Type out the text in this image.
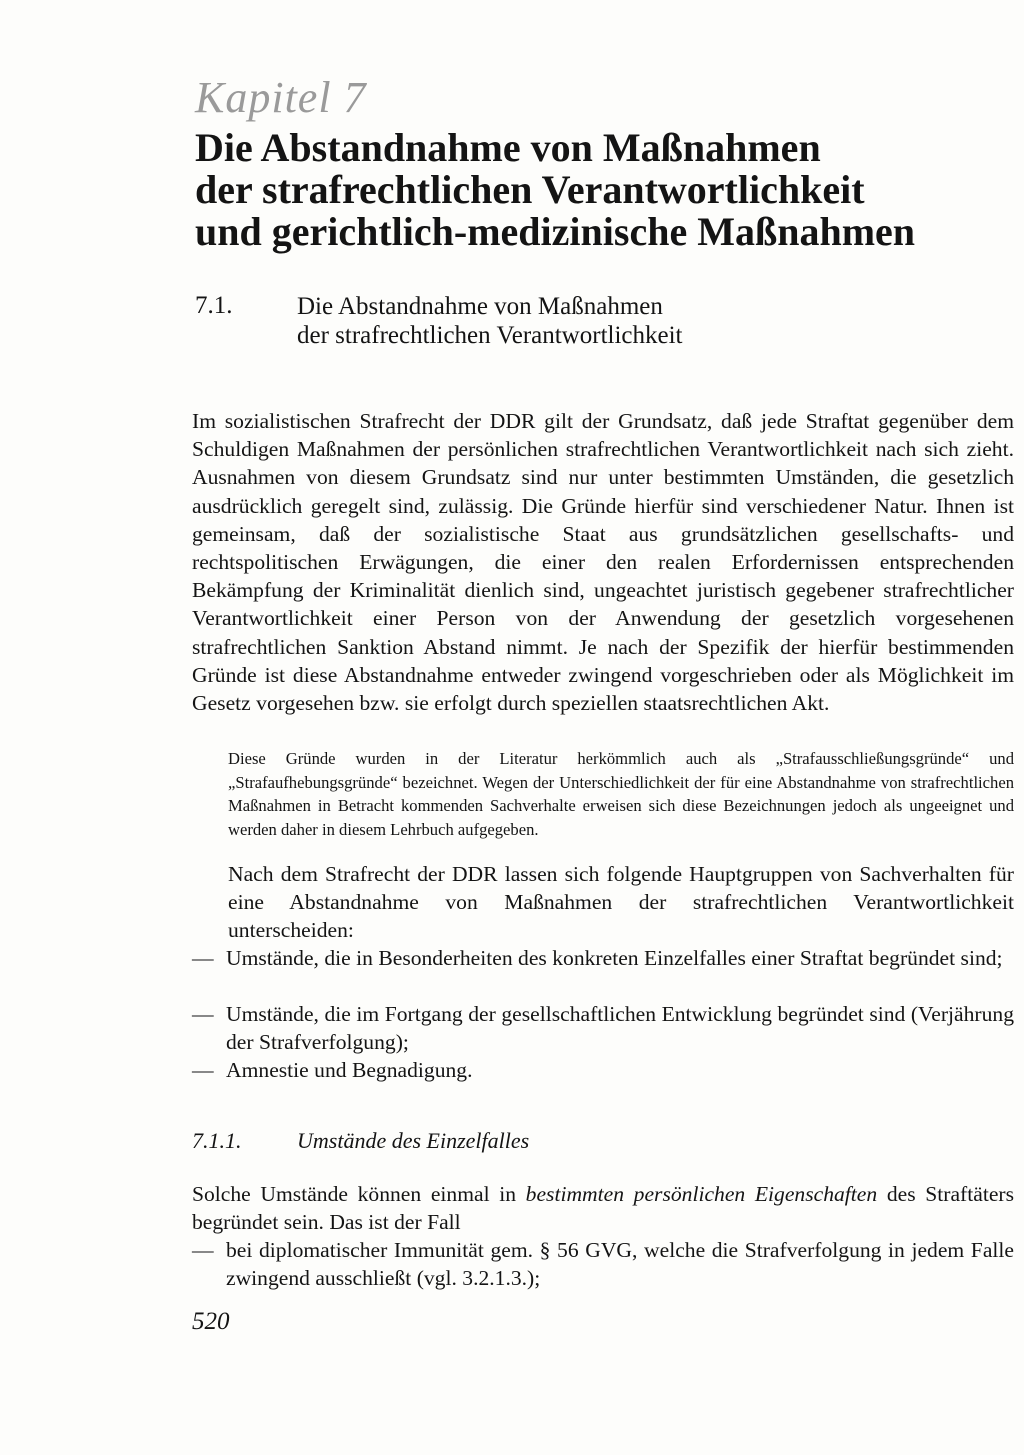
Kapitel 7
Die Abstandnahme von Maßnahmen
der strafrechtlichen Verantwortlichkeit
und gerichtlich-medizinische Maßnahmen
7.1.	Die Abstandnahme von Maßnahmen
der strafrechtlichen Verantwortlichkeit
Im sozialistischen Strafrecht der DDR gilt der Grundsatz, daß jede Straftat gegenüber dem Schuldigen Maßnahmen der persönlichen strafrechtlichen Verantwortlichkeit nach sich zieht. Ausnahmen von diesem Grundsatz sind nur unter bestimmten Umständen, die gesetzlich ausdrücklich geregelt sind, zulässig. Die Gründe hierfür sind verschiedener Natur. Ihnen ist gemeinsam, daß der sozialistische Staat aus grundsätzlichen gesellschafts- und rechtspolitischen Erwägungen, die einer den realen Erfordernissen entsprechenden Bekämpfung der Kriminalität dienlich sind, ungeachtet juristisch gegebener strafrechtlicher Verantwortlichkeit einer Person von der Anwendung der gesetzlich vorgesehenen strafrechtlichen Sanktion Abstand nimmt. Je nach der Spezifik der hierfür bestimmenden Gründe ist diese Abstandnahme entweder zwingend vorgeschrieben oder als Möglichkeit im Gesetz vorgesehen bzw. sie erfolgt durch speziellen staatsrechtlichen Akt.
Diese Gründe wurden in der Literatur herkömmlich auch als „Strafausschließungsgründe“ und „Strafaufhebungsgründe“ bezeichnet. Wegen der Unterschiedlichkeit der für eine Abstandnahme von strafrechtlichen Maßnahmen in Betracht kommenden Sachverhalte erweisen sich diese Bezeichnungen jedoch als ungeeignet und werden daher in diesem Lehrbuch aufgegeben.
Nach dem Strafrecht der DDR lassen sich folgende Hauptgruppen von Sachverhalten für eine Abstandnahme von Maßnahmen der strafrechtlichen Verantwortlichkeit unterscheiden:
— Umstände, die in Besonderheiten des konkreten Einzelfalles einer Straftat begründet sind;
— Umstände, die im Fortgang der gesellschaftlichen Entwicklung begründet sind (Verjährung der Strafverfolgung);
— Amnestie und Begnadigung.
7.1.1.	Umstände des Einzelfalles
Solche Umstände können einmal in bestimmten persönlichen Eigenschaften des Straftäters begründet sein. Das ist der Fall
— bei diplomatischer Immunität gem. § 56 GVG, welche die Strafverfolgung in jedem Falle zwingend ausschließt (vgl. 3.2.1.3.);
520
